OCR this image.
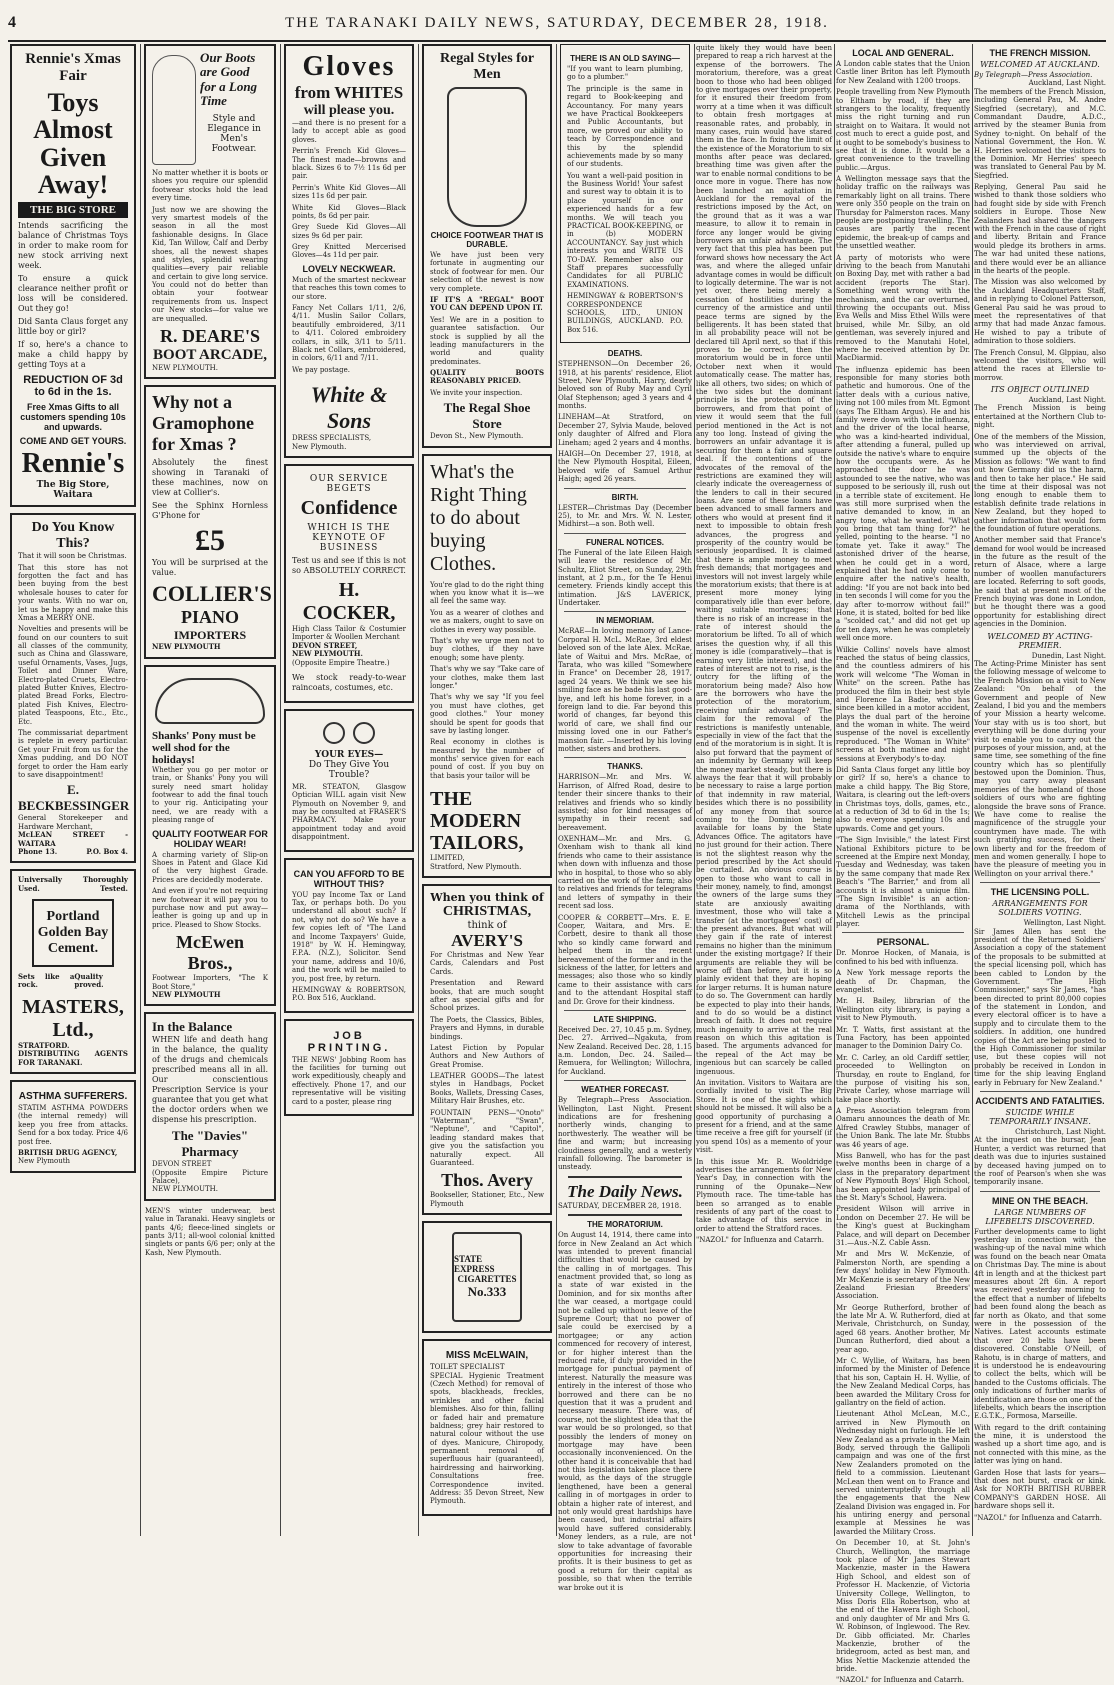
4	THE TARANAKI DAILY NEWS, SATURDAY, DECEMBER 28, 1918.
Rennie's Xmas Fair
Toys Almost Given Away!
THE BIG STORE

Intends sacrificing the balance of Christmas Toys in order to make room for new stock arriving next week.

To ensure a quick clearance neither profit or loss will be considered. Out they go!

Did Santa Claus forget any little boy or girl?

If so, here's a chance to make a child happy by getting Toys at a

REDUCTION OF 3d to 6d in the 1s.
Free Xmas Gifts to all customers spending 10s and upwards.
COME AND GET YOURS.
Rennie's
The Big Store, Waitara
Do You Know This?

That it will soon be Christmas.

That this store has not forgotten the fact and has been buying from the best wholesale houses to cater for your wants. With no war on, let us be happy and make this Xmas a MERRY ONE.

Novelties and presents will be found on our counters to suit all classes of the community, such as China and Glassware, useful Ornaments, Vases, Jugs, Toilet and Dinner Ware, Electro-plated Cruets, Electro-plated Butter Knives, Electro-plated Bread Forks, Electro-plated Fish Knives, Electro-plated Teaspoons, Etc., Etc., Etc.

The commissariat department is replete in every particular. Get your Fruit from us for the Xmas pudding, and DO NOT forget to order the Ham early to save disappointment!

E. BECKBESSINGER
General Storekeeper and Hardware Merchant,
McLEAN STREET - WAITARA
Phone 13.	P.O. Box 4.
Universally	Thoroughly
Used.	Tested.
Portland Golden Bay Cement.
Sets like a rock.
Quality proved.
MASTERS, Ltd.,
STRATFORD.
DISTRIBUTING AGENTS FOR TARANAKI.
ASTHMA SUFFERERS.

STATIM ASTHMA POWDERS (the internal remedy) will keep you free from attacks. Send for a box today. Price 4/6 post free.

BRITISH DRUG AGENCY,
New Plymouth
Our Boots are Good for a Long Time
Style and Elegance in Men's Footwear.

No matter whether it is boots or shoes you require our splendid footwear stocks hold the lead every time.

Just now we are showing the very smartest models of the season in all the most fashionable designs. In Glace Kid, Tan Willow, Calf and Derby shoes, all the newest shapes and styles, splendid wearing qualities—every pair reliable and certain to give long service. You could not do better than obtain your footwear requirements from us. Inspect our New stocks—for value we are unequalled.

R. DEARE'S
BOOT ARCADE,
NEW PLYMOUTH.
Why not a Gramophone for Xmas ?

Absolutely the finest showing in Taranaki of these machines, now on view at Collier's.

See the Sphinx Hornless G'Phone for

£5

You will be surprised at the value.

COLLIER'S
PIANO
IMPORTERS
NEW PLYMOUTH
Shanks' Pony must be well shod for the holidays!

Whether you go per motor or train, or Shanks' Pony you will surely need smart holiday footwear to add the final touch to your rig. Anticipating your need, we are ready with a pleasing range of

QUALITY FOOTWEAR FOR HOLIDAY WEAR!

A charming variety of Slip-on Shoes in Patent and Glace Kid of the very highest Grade. Prices are decidedly moderate.

And even if you're not requiring new footwear it will pay you to purchase now and put away—leather is going up and up in price. Pleased to Show Stocks.

McEwen Bros.,
Footwear Importers, "The K Boot Store,"
NEW PLYMOUTH
In the Balance

WHEN life and death hang in the balance, the quality of the drugs and chemicals prescribed means all in all. Our conscientious Prescription Service is your guarantee that you get what the doctor orders when we dispense his prescription.

The "Davies" Pharmacy
DEVON STREET
(Opposite Empire Picture Palace),
NEW PLYMOUTH.

MEN'S winter underwear, best value in Taranaki. Heavy singlets or pants 4/6; fleece-lined singlets or pants 3/11; all-wool colonial knitted singlets or pants 6/6 per; only at the Kash, New Plymouth.

Gloves
from WHITES
will please you.

—and there is no present for a lady to accept able as good gloves.

Perrin's French Kid Gloves—The finest made—browns and black. Sizes 6 to 7½ 11s 6d per pair.

Perrin's White Kid Gloves—All sizes 11s 6d per pair.

White Kid Gloves—Black points, 8s 6d per pair.

Grey Suede Kid Gloves—All sizes 9s 6d per pair.

Grey Knitted Mercerised Gloves—4s 11d per pair.

LOVELY NECKWEAR.

Much of the smartest neckwear that reaches this town comes to our store.

Fancy Net Collars 1/11, 2/6, 4/11. Muslin Sailor Collars, beautifully embroidered, 3/11 to 4/11. Colored embroidery collars, in silk, 3/11 to 5/11. Black net Collars, embroidered, in colors, 6/11 and 7/11.

We pay postage.

White & Sons
DRESS SPECIALISTS,
New Plymouth.
OUR SERVICE BEGETS
Confidence
WHICH IS THE KEYNOTE OF BUSINESS

Test us and see if this is not so ABSOLUTELY CORRECT.

H. COCKER,
High Class Tailor & Costumier Importer & Woollen Merchant
DEVON STREET,
NEW PLYMOUTH.
(Opposite Empire Theatre.)

We stock ready-to-wear raincoats, costumes, etc.

YOUR EYES—
Do They Give You Trouble?

MR. STEATON, Glasgow Optician WILL again visit New Plymouth on November 9, and may be consulted at FRASER'S PHARMACY. Make your appointment today and avoid disappointment.

CAN YOU AFFORD TO BE WITHOUT THIS?

YOU pay Income Tax or Land Tax, or perhaps both. Do you understand all about such? If not, why not do so? We have a few copies left of "The Land and Income Taxpayers' Guide, 1918" by W. H. Hemingway, F.P.A. (N.Z.), Solicitor. Send your name, address and 10/6, and the work will be mailed to you, post free, by return.

HEMINGWAY & ROBERTSON, P.O. Box 516, Auckland.

JOB PRINTING.

THE NEWS' Jobbing Room has the facilities for turning out work expeditiously, cheaply and effectively. Phone 17, and our representative will be visiting card to a poster, please ring

Regal Styles for Men
CHOICE FOOTWEAR THAT IS DURABLE.

We have just been very fortunate in augmenting our stock of footwear for men. Our selection of the newest is now very complete.

IF IT'S A "REGAL" BOOT YOU CAN DEPEND UPON IT.

Yes! We are in a position to guarantee satisfaction. Our stock is supplied by all the leading manufacturers in the world and quality predominates.

QUALITY BOOTS REASONABLY PRICED.

We invite your inspection.

The Regal Shoe Store
Devon St., New Plymouth.
What's the Right Thing to do about buying Clothes.

You're glad to do the right thing when you know what it is—we all feel the same way.

You as a wearer of clothes and we as makers, ought to save on clothes in every way possible.

That's why we urge men not to buy clothes, if they have enough; some have plenty.

That's why we say "Take care of your clothes, make them last longer."

That's why we say "If you feel you must have clothes, get good clothes." Your money should be spent for goods that save by lasting longer.

Real economy in clothes is measured by the number of months' service given for each pound of cost. If you buy on that basis your tailor will be

THE MODERN TAILORS,
LIMITED,
Stratford, New Plymouth.
When you think of
CHRISTMAS,
think of
AVERY'S

For Christmas and New Year Cards, Calendars and Post Cards.

Presentation and Reward books, that are much sought after as special gifts and for School prizes.

The Poets, the Classics, Bibles, Prayers and Hymns, in durable bindings.

Latest Fiction by Popular Authors and New Authors of Great Promise.

LEATHER GOODS—The latest styles in Handbags, Pocket Books, Wallets, Dressing Cases, Military Hair Brushes, etc.

FOUNTAIN PENS—"Onoto" "Waterman", "Swan", "Neptune", and "Capitol", leading standard makes that give you the satisfaction you naturally expect. All Guaranteed.

Thos. Avery
Bookseller, Stationer, Etc., New Plymouth
STATE EXPRESS
CIGARETTES
No.333
MISS McELWAIN,
TOILET SPECIALIST

SPECIAL Hygienic Treatment (Czech Method) for removal of spots, blackheads, freckles, wrinkles and other facial blemishes. Also for thin, falling or faded hair and premature baldness; grey hair restored to natural colour without the use of dyes. Manicure, Chiropody, permanent removal of superfluous hair (guaranteed), hairdressing and hairworking. Consultations free. Correspondence invited. Address: 35 Devon Street, New Plymouth.

THERE IS AN OLD SAYING—

"If you want to learn plumbing, go to a plumber."

The principle is the same in regard to Book-keeping and Accountancy. For many years we have Practical Bookkeepers and Public Accountants, but more, we proved our ability to teach by Correspondence and this by the splendid achievements made by so many of our students.

You want a well-paid position in the Business World! Your safest and surest way to obtain it is to place yourself in our experienced hands for a few months. We will teach you PRACTICAL BOOK-KEEPING, or in (b) MODERN ACCOUNTANCY. Say just which interests you and WRITE US TO-DAY. Remember also our Staff prepares successfully Candidates for all PUBLIC EXAMINATIONS.

HEMINGWAY & ROBERTSON'S CORRESPONDENCE SCHOOLS, LTD., UNION BUILDINGS, AUCKLAND. P.O. Box 516.

DEATHS.

STEPHENSON—On December 26, 1918, at his parents' residence, Eliot Street, New Plymouth, Harry, dearly beloved son of Ruby May and Cyril Olaf Stephenson; aged 3 years and 4 months.

LINEHAM—At Stratford, on December 27, Sylvia Maude, beloved only daughter of Alfred and Flora Lineham; aged 2 years and 4 months.

HAIGH—On December 27, 1918, at the New Plymouth Hospital, Eileen, beloved wife of Samuel Arthur Haigh; aged 26 years.

BIRTH.

LESTER—Christmas Day (December 25), to Mr. and Mrs. W. N. Lester, Midhirst—a son. Both well.

FUNERAL NOTICES.

The Funeral of the late Eileen Haigh will leave the residence of Mr. Schultz, Eliot Street, on Sunday, 29th instant, at 2 p.m., for the Te Henui cemetery. Friends kindly accept this intimation. J&S LAVERICK, Undertaker.

IN MEMORIAM.

McRAE—In loving memory of Lance-Corporal H. McL. McRae, 3rd eldest beloved son of the late Alex. McRae, late of Waitui and Mrs. McRae, of Tarata, who was killed "Somewhere in France" on December 28, 1917, aged 24 years. We think we see his smiling face as he bade his last good-bye, and left his home forever, in a foreign land to die. Far beyond this world of changes, far beyond this world of care, we shall find our missing loved one in our Father's mansion fair. —Inserted by his loving mother, sisters and brothers.

THANKS.

HARRISON—Mr. and Mrs. W. Harrison, of Alfred Road, desire to tender their sincere thanks to their relatives and friends who so kindly assisted; also for kind messages of sympathy in their recent sad bereavement.

OXENHAM—Mr. and Mrs. G. Oxenham wish to thank all kind friends who came to their assistance when down with influenza and those who in hospital, to those who so ably carried on the work of the farm; also to relatives and friends for telegrams and letters of sympathy in their recent sad loss.

COOPER & CORBETT—Mrs. E. E. Cooper, Waitara, and Mrs. E. Corbett, desire to thank all those who so kindly came forward and helped them in the recent bereavement of the former and in the sickness of the latter, for letters and messages; also those who so kindly came to their assistance with cars and to the attendant Hospital staff and Dr. Grove for their kindness.

LATE SHIPPING.

Received Dec. 27, 10.45 p.m. Sydney, Dec. 27. Arrived—Ngakuta, from New Zealand. Received Dec. 28, 1.15 a.m. London, Dec. 24. Sailed—Remuera, for Wellington; Willochra, for Auckland.

WEATHER FORECAST.

By Telegraph—Press Association. Wellington, Last Night. Present indications are for freshening northerly winds, changing to northwesterly. The weather will be fine and warm; but increasing cloudiness generally, and a westerly rainfall following. The barometer is unsteady.

The Daily News.
SATURDAY, DECEMBER 28, 1918.
THE MORATORIUM.

On August 14, 1914, there came into force in New Zealand an Act which was intended to prevent financial difficulties that would be caused by the calling in of mortgages. This enactment provided that, so long as a state of war existed in the Dominion, and for six months after the war ceased, a mortgage could not be called up without leave of the Supreme Court; that no power of sale could be exercised by a mortgagee; or any action commenced for recovery of interest, or for higher interest than the reduced rate, if duly provided in the mortgage for punctual payment of interest. Naturally the measure was entirely in the interest of those who borrowed and there can be no question that it was a prudent and necessary measure. There was, of course, not the slightest idea that the war would be so prolonged, so that possibly the lenders of money on mortgage may have been occasionally inconvenienced. On the other hand it is conceivable that had not this legislation taken place there would, as the days of the struggle lengthened, have been a general calling in of mortgages in order to obtain a higher rate of interest, and not only would great hardships have been caused, but industrial affairs would have suffered considerably. Money lenders, as a rule, are not slow to take advantage of favorable opportunities for increasing their profits. It is their business to get as good a return for their capital as possible, so that when the terrible war broke out it is

quite likely they would have been prepared to reap a rich harvest at the expense of the borrowers. The moratorium, therefore, was a great boon to those who had been obliged to give mortgages over their property, for it ensured their freedom from worry at a time when it was difficult to obtain fresh mortgages at reasonable rates, and probably, in many cases, ruin would have stared them in the face. In fixing the limit of the existence of the Moratorium to six months after peace was declared, breathing time was given after the war to enable normal conditions to be once more in vogue. There has now been launched an agitation in Auckland for the removal of the restrictions imposed by the Act, on the ground that as it was a war measure, to allow it to remain in force any longer would be giving borrowers an unfair advantage. The very fact that this plea has been put forward shows how necessary the Act was, and where the alleged unfair advantage comes in would be difficult to logically determine. The war is not yet over, there being merely a cessation of hostilities during the currency of the armistice and until peace terms are signed by the belligerents. It has been stated that in all probability peace will not be declared till April next, so that if this proves to be correct, then the moratorium would be in force until October next when it would automatically cease. The matter has, like all others, two sides; on which of the two sides but the dominant principle is the protection of the borrowers, and from that point of view it would seem that the full period mentioned in the Act is not any too long. Instead of giving the borrowers an unfair advantage it is securing for them a fair and square deal. If the contentions of the advocates of the removal of the restrictions are examined they will clearly indicate the overeagerness of the lenders to call in their secured loans. Are some of these loans have been advanced to small farmers and others who would at present find it next to impossible to obtain fresh advances, the progress and prosperity of the country would be seriously jeopardised. It is claimed that there is ample money to meet fresh demands; that mortgagees and investors will not invest largely while the moratorium exists; that there is at present more money lying comparatively idle than ever before, waiting suitable mortgages; that there is no risk of an increase in the rate of interest should the moratorium be lifted. To all of which arises the question why, if all this money is idle (comparatively—that is earning very little interest), and the rates of interest are not to rise, is the outcry for the lifting of the moratorium being made? Also how are the borrowers who have the protection of the moratorium, receiving unfair advantage? The claim for the removal of the restrictions is manifestly untenable, especially in view of the fact that the end of the moratorium is in sight. It is also put forward that the payment of an indemnity by Germany will keep the money market steady, but there is always the fear that it will probably be necessary to raise a large portion of that indemnity in raw material, besides which there is no possibility of any money from that source coming to the Dominion being available for loans by the State Advances Office. The agitators have no just ground for their action. There is not the slightest reason why the period prescribed by the Act should be curtailed. An obvious course is open to those who want to call in their money, namely, to find, amongst the owners of the large sums they state are anxiously awaiting investment, those who will take a transfer (at the mortgagees' cost) of the present advances. But what will they gain if the rate of interest remains no higher than the minimum under the existing mortgage? If their arguments are reliable they will be worse off than before, but it is so plainly evident that they are hoping for larger returns. It is human nature to do so. The Government can hardly be expected to play into their hands, and to do so would be a distinct breach of faith. It does not require much ingenuity to arrive at the real reason on which this agitation is based. The arguments advanced for the repeal of the Act may be ingenious but can scarcely be called ingenuous.

An invitation. Visitors to Waitara are cordially invited to visit The Big Store. It is one of the sights which should not be missed. It will also be a good opportunity of purchasing a present for a friend, and at the same time receive a free gift for yourself (if you spend 10s) as a memento of your visit.

In this issue Mr. R. Wooldridge advertises the arrangements for New Year's Day, in connection with the running of the Opunake—New Plymouth race. The time-table has been so arranged as to enable residents of any part of the coast to take advantage of this service in order to attend the Stratford races.

"NAZOL" for Influenza and Catarrh.

LOCAL AND GENERAL.

A London cable states that the Union Castle liner Briton has left Plymouth for New Zealand with 1200 troops.

People travelling from New Plymouth to Eltham by road, if they are strangers to the locality, frequently miss the right turning and run straight on to Waitara. It would not cost much to erect a guide post, and it ought to be somebody's business to see that it is done. It would be a great convenience to the travelling public.—Argus.

A Wellington message says that the holiday traffic on the railways was remarkably light on all trains. There were only 350 people on the train on Thursday for Palmerston races. Many people are postponing travelling. The causes are partly the recent epidemic, the break-up of camps and the unsettled weather.

A party of motorists who were driving to the beach from Manutahi on Boxing Day, met with rather a bad accident (reports The Star). Something went wrong with the mechanism, and the car overturned, throwing the occupants out. Miss Eva Wells and Miss Ethel Wills were bruised, while Mr. Silby, an old gentleman, was severely injured and removed to the Manutahi Hotel, where he received attention by Dr. MacDiarmid.

The influenza epidemic has been responsible for many stories both pathetic and humorous. One of the latter deals with a curious native, living not 100 miles from Mt. Egmont (says The Eltham Argus). He and his family were down with the influenza, and the driver of the local hearse, who was a kind-hearted individual, after attending a funeral, pulled up outside the native's whare to enquire how the occupants were. As he approached the door he was astounded to see the native, who was supposed to be seriously ill, rush out in a terrible state of excitement. He was still more surprised when the native demanded to know, in an angry tone, what he wanted. "What you bring that tam thing for?" he yelled, pointing to the hearse. "I no tomate yet. Take it away." The astonished driver of the hearse, when he could get in a word, explained that he had only come to enquire after the native's health, adding: "If you are not back into bed in ten seconds I will come for you the day after to-morrow without fail!" Hone, it is stated, bolted for bed like a "scolded cat," and did not get up for ten days, when he was completely well once more.

Wilkie Collins' novels have almost reached the status of being classics, and the countless admirers of his work will welcome "The Woman in White" on the screen. Pathe has produced the film in their best style and Florence La Badie, who has since been killed in a motor accident, plays the dual part of the heroine and the woman in white. The weird suspense of the novel is excellently reproduced. "The Woman in White" screens at both matinee and night sessions at Everybody's to-day.

Did Santa Claus forget any little boy or girl? If so, here's a chance to make a child happy. The Big Store, Waitara, is clearing out the left-overs in Christmas toys, dolls, games, etc., at a reduction of 3d to 6d in the 1s; also to everyone spending 10s and upwards. Come and get yours.

"The Sign Invisible," the latest First National Exhibitors picture to be screened at the Empire next Monday, Tuesday and Wednesday, was taken by the same company that made Rex Beach's "The Barrier," and from all accounts it is almost a unique film. "The Sign Invisible" is an action-drama of the Northlands, with Mitchell Lewis as the principal player.

PERSONAL.

Dr. Monroe Hocken, of Manaia, is confined to his bed with influenza.

A New York message reports the death of Dr. Chapman, the evangelist.

Mr. H. Bailey, librarian of the Wellington city library, is paying a visit to New Plymouth.

Mr. T. Watts, first assistant at the Tuna Factory, has been appointed manager to the Dominion Dairy Co.

Mr. C. Carley, an old Cardiff settler, proceeded to Wellington on Thursday, en route to England, for the purpose of visiting his son, Private Carley, whose marriage will take place shortly.

A Press Association telegram from Oamaru announces the death of Mr. Alfred Crawley Stubbs, manager of the Union Bank. The late Mr. Stubbs was 46 years of age.

Miss Banwell, who has for the past twelve months been in charge of a class in the preparatory department of New Plymouth Boys' High School, has been appointed lady principal of the St. Mary's School, Hawera.

President Wilson will arrive in London on December 27. He will be the King's guest at Buckingham Palace, and will depart on December 31.—Aus.-N.Z. Cable Assn.

Mr and Mrs W. McKenzie, of Palmerston North, are spending a few days' holiday in New Plymouth. Mr McKenzie is secretary of the New Zealand Friesian Breeders' Association.

Mr George Rutherford, brother of the late Mr A. W. Rutherford, died at Merivale, Christchurch, on Sunday, aged 68 years. Another brother, Mr Duncan Rutherford, died about a year ago.

Mr C. Wyllie, of Waitara, has been informed by the Minister of Defence that his son, Captain H. H. Wyllie, of the New Zealand Medical Corps, has been awarded the Military Cross for gallantry on the field of action.

Lieutenant Athol McLean, M.C., arrived in New Plymouth on Wednesday night on furlough. He left New Zealand as a private in the Main Body, served through the Gallipoli campaign and was one of the first New Zealanders promoted on the field to a commission. Lieutenant McLean then went on to France and served uninterruptedly through all the engagements that the New Zealand Division was engaged in. For his untiring energy and personal example at Messines he was awarded the Military Cross.

On December 10, at St. John's Church, Wellington, the marriage took place of Mr James Stewart Mackenzie, master in the Hawera High School, and eldest son of Professor H. Mackenzie, of Victoria University College, Wellington, to Miss Doris Ella Robertson, who at the end of the Hawera High School, and only daughter of Mr and Mrs G. W. Robinson, of Inglewood. The Rev. Dr. Gibb officiated. Mr. Charles Mackenzie, brother of the bridegroom, acted as best man, and Miss Nettie Mackenzie attended the bride.

"NAZOL" for Influenza and Catarrh.

THE FRENCH MISSION.
WELCOMED AT AUCKLAND.
By Telegraph—Press Association.
Auckland, Last Night.

The members of the French Mission, including General Pau, M. Andre Siegfried (secretary), and M.C. Commandant Daudre, A.D.C., arrived by the steamer Bunia from Sydney to-night. On behalf of the National Government, the Hon. W. H. Herries welcomed the visitors to the Dominion. Mr Herries' speech was translated to General Pau by M. Siegfried.

Replying, General Pau said he wished to thank those soldiers who had fought side by side with French soldiers in Europe. Those New Zealanders had shared the dangers with the French in the cause of right and liberty. Britain and France would pledge its brothers in arms. The war had united these nations, and there would ever be an alliance in the hearts of the people.

The Mission was also welcomed by the Auckland Headquarters Staff, and in replying to Colonel Patterson, General Pau said he was proud to meet the representatives of that army that had made Anzac famous. He wished to pay a tribute of admiration to those soldiers.

The French Consul, M. Glppiau, also welcomed the visitors, who will attend the races at Ellerslie to-morrow.

ITS OBJECT OUTLINED
Auckland, Last Night.

The French Mission is being entertained at the Northern Club to-night.

One of the members of the Mission, who was interviewed on arrival, summed up the objects of the Mission as follows: "We want to find out how Germany did us the harm, and then to take her place." He said the time at their disposal was not long enough to enable them to establish definite trade relations in New Zealand, but they hoped to gather information that would form the foundation of future operations.

Another member said that France's demand for wool would be increased in the future as the result of the return of Alsace, where a large number of woollen manufacturers are located. Referring to soft goods, he said that at present most of the French buying was done in London, but he thought there was a good opportunity for establishing direct agencies in the Dominion.

WELCOMED BY ACTING-PREMIER.
Dunedin, Last Night.

The Acting-Prime Minister has sent the following message of welcome to the French Mission on a visit to New Zealand: "On behalf of the Government and people of New Zealand, I bid you and the members of your Mission a hearty welcome. Your stay with us is too short, but everything will be done during your visit to enable you to carry out the purposes of your mission, and, at the same time, see something of the fine country which has so plentifully bestowed upon the Dominion. Thus, may you carry away pleasant memories of the homeland of those soldiers of ours who are fighting alongside the brave sons of France. We have come to realise the magnificence of the struggle your countrymen have made. The with such gratifying success, for their own liberty and for the freedom of men and women generally. I hope to have the pleasure of meeting you in Wellington on your arrival there."

THE LICENSING POLL.
ARRANGEMENTS FOR SOLDIERS VOTING.
Wellington, Last Night.

Sir James Allen has sent the president of the Returned Soldiers' Association a copy of the statement of the proposals to be submitted at the special licensing poll, which has been cabled to London by the Government. "The High Commissioner," says Sir James, "has been directed to print 80,000 copies of the statement in London, and every electoral officer is to have a supply and to circulate them to the soldiers. In addition, one hundred copies of the Act are being posted to the High Commissioner for similar use, but these copies will not probably be received in London in time for the ship leaving England early in February for New Zealand."

ACCIDENTS AND FATALITIES.
SUICIDE WHILE TEMPORARILY INSANE.
Christchurch, Last Night.

At the inquest on the bursar, Jean Hunter, a verdict was returned that death was due to injuries sustained by deceased having jumped on to the roof of Pearson's when she was temporarily insane.

MINE ON THE BEACH.
LARGE NUMBERS OF LIFEBELTS DISCOVERED.

Further developments came to light yesterday in connection with the washing-up of the naval mine which was found on the beach near Omata on Christmas Day. The mine is about 4ft in length and at the thickest part measures about 2ft 6in. A report was received yesterday morning to the effect that a number of lifebelts had been found along the beach as far north as Okato, and that some were in the possession of the Natives. Latest accounts estimate that over 20 belts have been discovered. Constable O'Neill, of Rahotu, is in charge of matters, and it is understood he is endeavouring to collect the belts, which will be handed to the Customs officials. The only indications of further marks of identification are those on one of the lifebelts, which bears the inscription E.G.T.K., Formosa, Marseille.

With regard to the drift containing the mine, it is understood the washed up a short time ago, and is not connected with this mine, as the latter was lying on hand.

Garden Hose that lasts for years—that does not burst, crack or kink. Ask for NORTH BRITISH RUBBER COMPANY'S GARDEN HOSE. All hardware shops sell it.

"NAZOL" for Influenza and Catarrh.
